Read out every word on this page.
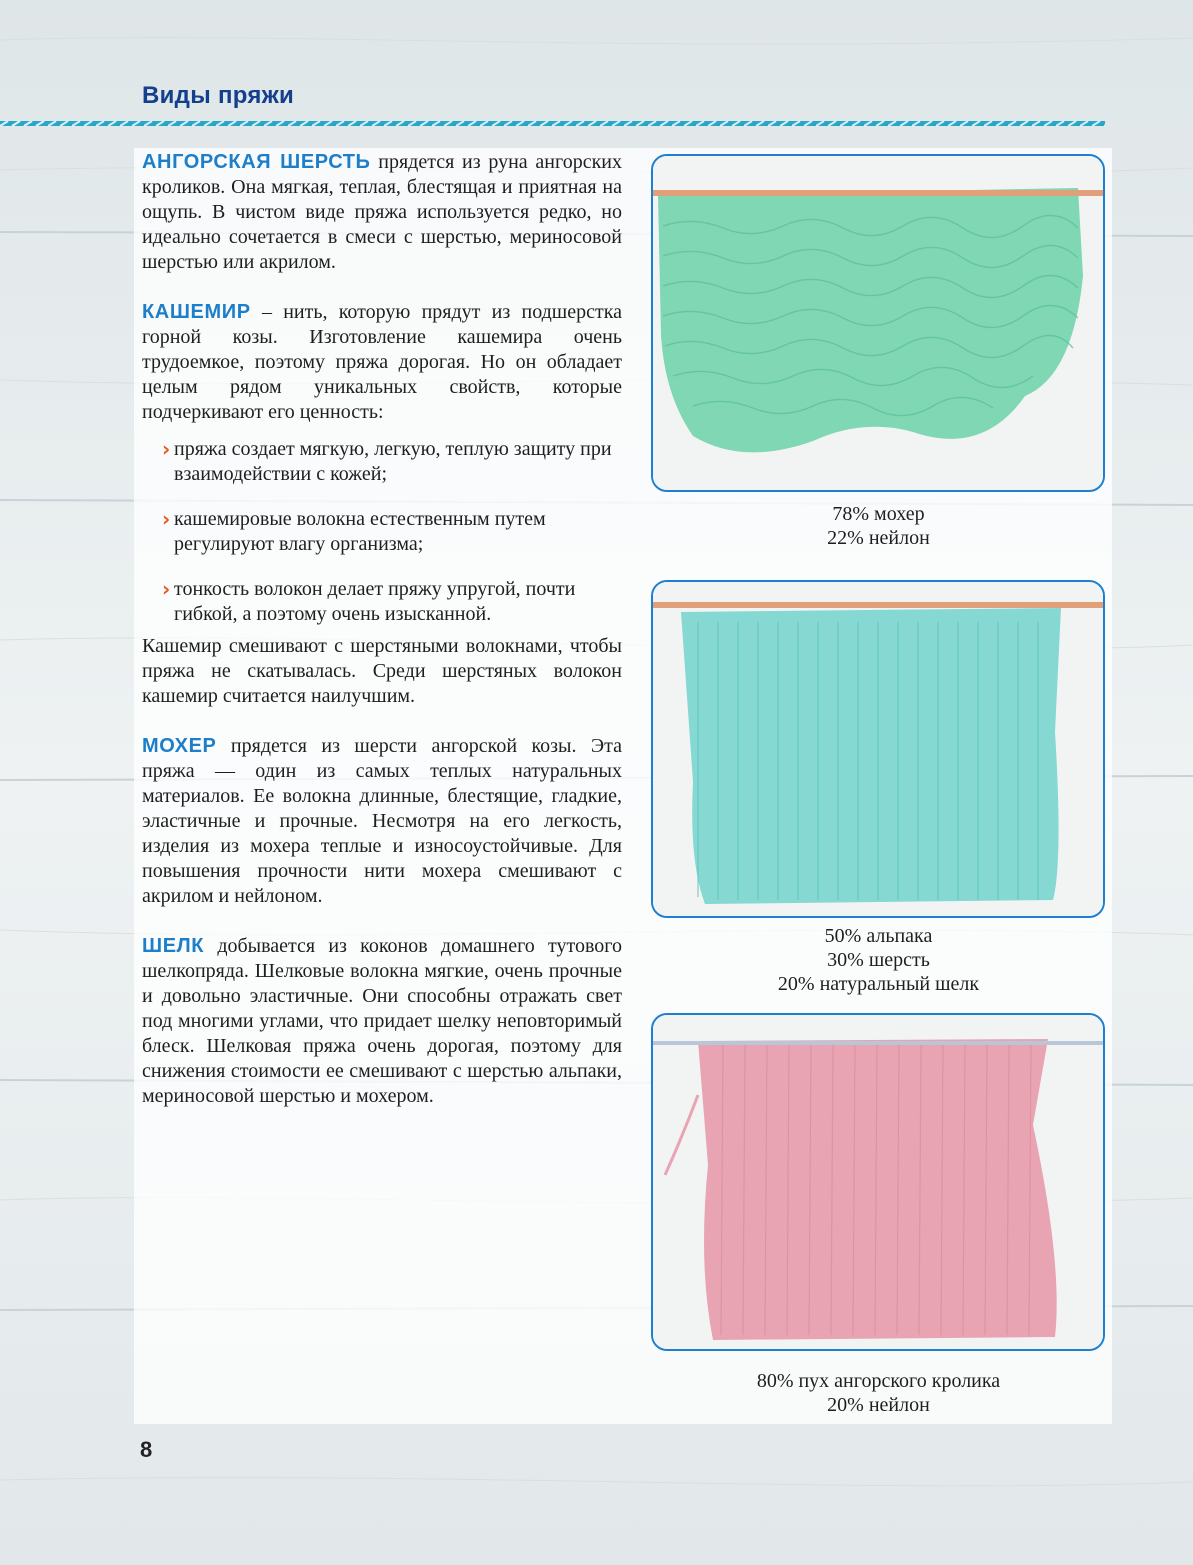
Виды пряжи

АНГОРСКАЯ ШЕРСТЬ прядется из руна ангорских кроликов. Она мягкая, теплая, блестящая и приятная на ощупь. В чистом виде пряжа используется редко, но идеально сочетается в смеси с шерстью, мериносовой шерстью или акрилом.

КАШЕМИР – нить, которую прядут из подшерстка горной козы. Изготовление кашемира очень трудоемкое, поэтому пряжа дорогая. Но он обладает целым рядом уникальных свойств, которые подчеркивают его ценность:

› пряжа создает мягкую, легкую, теплую защиту при взаимодействии с кожей;
› кашемировые волокна естественным путем регулируют влагу организма;
› тонкость волокон делает пряжу упругой, почти гибкой, а поэтому очень изысканной.

Кашемир смешивают с шерстяными волокнами, чтобы пряжа не скатывалась. Среди шерстяных волокон кашемир считается наилучшим.

МОХЕР прядется из шерсти ангорской козы. Эта пряжа — один из самых теплых натуральных материалов. Ее волокна длинные, блестящие, гладкие, эластичные и прочные. Несмотря на его легкость, изделия из мохера теплые и износоустойчивые. Для повышения прочности нити мохера смешивают с акрилом и нейлоном.

ШЕЛК добывается из коконов домашнего тутового шелкопряда. Шелковые волокна мягкие, очень прочные и довольно эластичные. Они способны отражать свет под многими углами, что придает шелку неповторимый блеск. Шелковая пряжа очень дорогая, поэтому для снижения стоимости ее смешивают с шерстью альпаки, мериносовой шерстью и мохером.

78% мохер
22% нейлон
50% альпака
30% шерсть
20% натуральный шелк
80% пух ангорского кролика
20% нейлон
8
